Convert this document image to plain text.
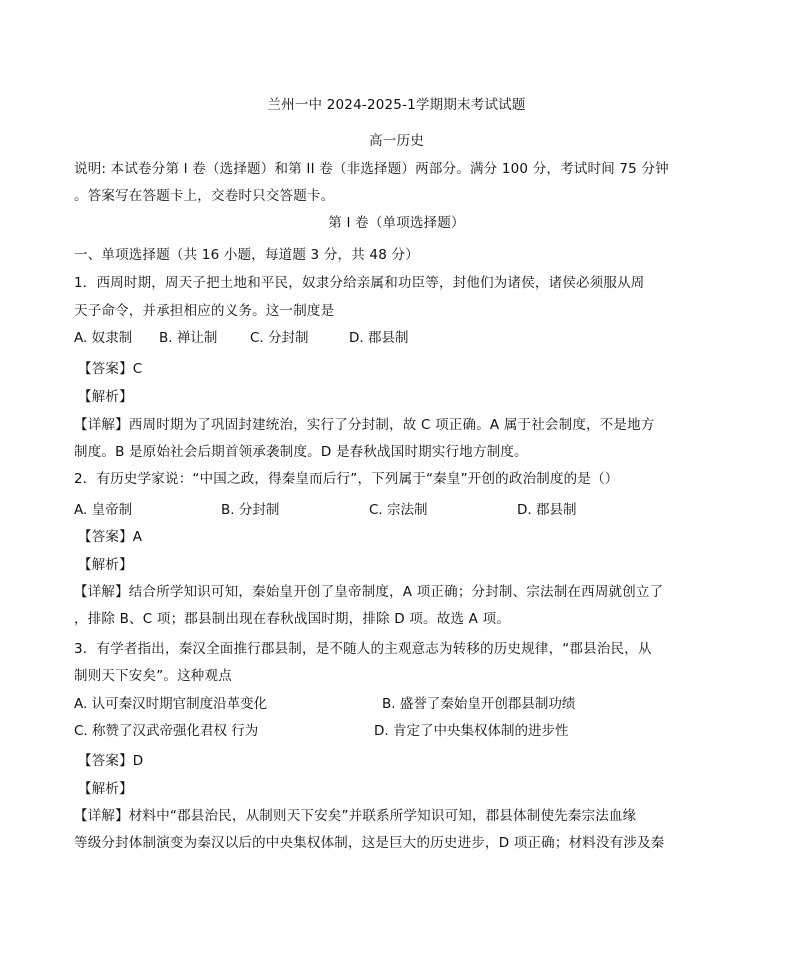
兰州一中 2024-2025-1学期期末考试试题
高一历史
说明: 本试卷分第 I 卷（选择题）和第 II 卷（非选择题）两部分。满分 100 分，考试时间 75 分钟
。答案写在答题卡上，交卷时只交答题卡。
第 I 卷（单项选择题）
一、单项选择题（共 16 小题，每道题 3 分，共 48 分）
1．西周时期，周天子把土地和平民，奴隶分给亲属和功臣等，封他们为诸侯，诸侯必须服从周
天子命令，并承担相应的义务。这一制度是
A. 奴隶制 B. 禅让制 C. 分封制	D. 郡县制
【答案】C
【解析】
【详解】西周时期为了巩固封建统治，实行了分封制，故 C 项正确。A 属于社会制度，不是地方
制度。B 是原始社会后期首领承袭制度。D 是春秋战国时期实行地方制度。
2．有历史学家说：“中国之政，得秦皇而后行”，下列属于“秦皇”开创的政治制度的是（）
A. 皇帝制	B. 分封制	C. 宗法制	D. 郡县制
【答案】A
【解析】
【详解】结合所学知识可知，秦始皇开创了皇帝制度，A 项正确；分封制、宗法制在西周就创立了
，排除 B、C 项；郡县制出现在春秋战国时期，排除 D 项。故选 A 项。
3．有学者指出，秦汉全面推行郡县制，是不随人的主观意志为转移的历史规律，“郡县治民，从
制则天下安矣”。这种观点
A. 认可秦汉时期官制度沿革变化	B. 盛誉了秦始皇开创郡县制功绩
C. 称赞了汉武帝强化君权 行为	D. 肯定了中央集权体制的进步性
【答案】D
【解析】
【详解】材料中“郡县治民，从制则天下安矣”并联系所学知识可知，郡县体制使先秦宗法血缘
等级分封体制演变为秦汉以后的中央集权体制，这是巨大的历史进步，D 项正确；材料没有涉及秦
